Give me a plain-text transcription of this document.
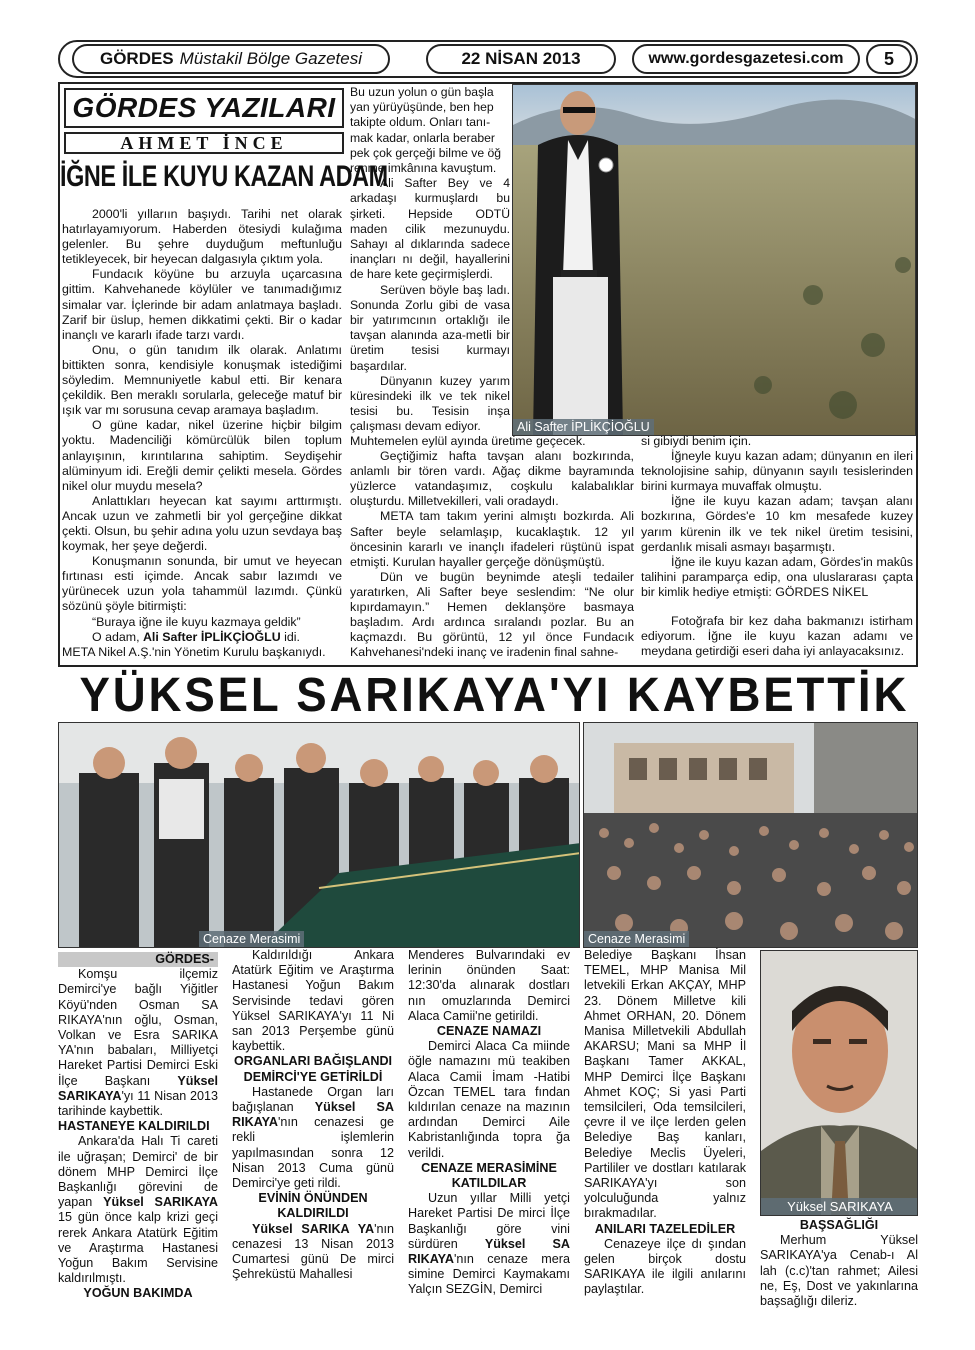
GÖRDES Müstakil Bölge Gazetesi	22 NİSAN 2013	www.gordesgazetesi.com 5
GÖRDES YAZILARI
AHMET İNCE
İĞNE İLE KUYU KAZAN ADAM

2000'li yıllarıın başıydı. Tarihi net olarak hatırlayamıyorum. Haberden ötesiydi kulağıma gelenler. Bu şehre duyduğum meftunluğu tetikleyecek, bir heyecan dalgasıyla çıktım yola.

Fundacık köyüne bu arzuyla uçarcasına gittim. Kahvehanede köylüler ve tanımadığımız simalar var. İçlerinde bir adam anlatmaya başladı. Zarif bir üslup, hemen dikkatimi çekti. Bir o kadar inançlı ve kararlı ifade tarzı vardı.

Onu, o gün tanıdım ilk olarak. Anlatımı bittikten sonra, kendisiyle konuşmak istediğimi söyledim. Memnuniyetle kabul etti. Bir kenara çekildik. Ben meraklı sorularla, geleceğe matuf bir ışık var mı sorusuna cevap aramaya başladım.

O güne kadar, nikel üzerine hiçbir bilgim yoktu. Madenciliği kömürcülük bilen toplum anlayışının, kırıntılarına sahiptim. Seydişehir alüminyum idi. Ereğli demir çelikti mesela. Gördes nikel olur muydu mesela?

Anlattıkları heyecan kat sayımı arttırmıştı. Ancak uzun ve zahmetli bir yol gerçeğine dikkat çekti. Olsun, bu şehir adına yolu uzun sevdaya baş koymak, her şeye değerdi.

Konuşmanın sonunda, bir umut ve heyecan fırtınası esti içimde. Ancak sabır lazımdı ve yürünecek uzun yola tahammül lazımdı. Çünkü sözünü şöyle bitirmişti:

“Buraya iğne ile kuyu kazmaya geldik”

O adam, Ali Safter İPLİKÇİOĞLU idi.

META Nikel A.Ş.'nin Yönetim Kurulu başkanıydı.

Bu uzun yolun o gün başla

yan yürüyüşünde, ben hep

takipte oldum. Onları tanı-

mak kadar, onlarla beraber

pek çok gerçeği bilme ve öğ

renme imkânına kavuştum.

Ali Safter Bey ve 4 arkadaşı kurmuşlardı bu şirketi. Hepside ODTÜ maden cilik mezunuydu. Sahayı al dıklarında sadece inançları nı değil, hayallerini de hare kete geçirmişlerdi.

Serüven böyle baş ladı. Sonunda Zorlu gibi de vasa bir yatırımcının ortaklığı ile tavşan alanında aza-metli bir üretim tesisi kurmayı başardılar.

Dünyanın kuzey yarım küresindeki ilk ve tek nikel tesisi bu. Tesisin inşa çalışması devam ediyor.	Ali Safter İPLİKÇİOĞLU

Muhtemelen eylül ayında üretime geçecek.

Geçtiğimiz hafta tavşan alanı bozkırında, anlamlı bir tören vardı. Ağaç dikme bayramında yüzlerce vatandaşımız, coşkulu kalabalıklar oluşturdu. Milletvekilleri, vali oradaydı.

META tam takım yerini almıştı bozkırda. Ali Safter beyle selamlaşıp, kucaklaştık. 12 yıl öncesinin kararlı ve inançlı ifadeleri rüştünü ispat etmişti. Kurulan hayaller gerçeğe dönüşmüştü.

Dün ve bugün beynimde ateşli tedailer yaratırken, Ali Safter beye seslendim: “Ne olur kıpırdamayın.” Hemen deklanşöre basmaya başladım. Ardı ardınca sıralandı pozlar. Bu an kaçmazdı. Bu görüntü, 12 yıl önce Fundacık Kahvehanesi'ndeki inanç ve iradenin final sahne-

si gibiydi benim için.

İğneyle kuyu kazan adam; dünyanın en ileri teknolojisine sahip, dünyanın sayılı tesislerinden birini kurmaya muvaffak olmuştu.

İğne ile kuyu kazan adam; tavşan alanı bozkırına, Gördes'e 10 km mesafede kuzey yarım kürenin ilk ve tek nikel üretim tesisini, gerdanlık misali asmayı başarmıştı.

İğne ile kuyu kazan adam, Gördes'in makûs talihini paramparça edip, ona uluslararası çapta bir kimlik hediye etmişti: GÖRDES NİKEL

Fotoğrafa bir kez daha bakmanızı istirham ediyorum. İğne ile kuyu kazan adamı ve meydana getirdiği eseri daha iyi anlayacaksınız.

YÜKSEL SARIKAYA'YI KAYBETTİK
Cenaze Merasimi	Cenaze Merasimi
GÖRDES-

Komşu ilçemiz Demirci'ye bağlı Yiğitler Köyü'nden Osman SA RIKAYA'nın oğlu, Osman, Volkan ve Esra SARIKA YA'nın babaları, Milliyetçi Hareket Partisi Demirci Eski İlçe Başkanı Yüksel SARIKAYA'yı 11 Nisan 2013 tarihinde kaybettik.

HASTANEYE KALDIRILDI

Ankara'da Halı Ti careti ile uğraşan; Demirci' de bir dönem MHP Demirci İlçe Başkanlığı görevini de yapan Yüksel SARIKAYA 15 gün önce kalp krizi geçi rerek Ankara Atatürk Eğitim ve Araştırma Hastanesi Yoğun Bakım Servisine kaldırılmıştı.

YOĞUN BAKIMDA

Kaldırıldığı Ankara Atatürk Eğitim ve Araştırma Hastanesi Yoğun Bakım Servisinde tedavi gören Yüksel SARIKAYA'yı 11 Ni san 2013 Perşembe günü kaybettik.

ORGANLARI BAĞIŞLANDI DEMİRCİ'YE GETİRİLDİ

Hastanede Organ ları bağışlanan Yüksel SA RIKAYA'nın cenazesi ge rekli işlemlerin yapılmasından sonra 12 Nisan 2013 Cuma günü Demirci'ye geti rildi.

EVİNİN ÖNÜNDEN KALDIRILDI

Yüksel SARIKA YA'nın cenazesi 13 Nisan 2013 Cumartesi günü De mirci Şehreküstü Mahallesi

Menderes Bulvarındaki ev lerinin önünden Saat: 12:30'da alınarak dostları nın omuzlarında Demirci Alaca Camii'ne getirildi.

CENAZE NAMAZI

Demirci Alaca Ca miinde öğle namazını mü teakiben Alaca Camii İmam -Hatibi Özcan TEMEL tara fından kıldırılan cenaze na mazının ardından Demirci Aile Kabristanlığında topra ğa verildi.

CENAZE MERASİMİNE KATILDILAR

Uzun yıllar Milli yetçi Hareket Partisi De mirci İlçe Başkanlığı göre vini sürdüren Yüksel SA RIKAYA'nın cenaze mera simine Demirci Kaymakamı Yalçın SEZGİN, Demirci

Belediye Başkanı İhsan TEMEL, MHP Manisa Mil letvekili Erkan AKÇAY, MHP 23. Dönem Milletve kili Ahmet ORHAN, 20. Dönem Manisa Milletvekili Abdullah AKARSU; Mani sa MHP İl Başkanı Tamer AKKAL, MHP Demirci İlçe Başkanı Ahmet KOÇ; Si yasi Parti temsilcileri, Oda temsilcileri, çevre il ve ilçe lerden gelen Belediye Baş kanları, Belediye Meclis Üyeleri, Partililer ve dostları katılarak SARIKAYA'yı son yolculuğunda yalnız bırakmadılar.

ANILARI TAZELEDİLER

Cenazeye ilçe dı şından gelen birçok dostu SARIKAYA ile ilgili anılarını paylaştılar.

Yüksel SARIKAYA

BAŞSAĞLIĞI

Merhum Yüksel SARIKAYA'ya Cenab-ı Al lah (c.c)'tan rahmet; Ailesi ne, Eş, Dost ve yakınlarına başsağlığı dileriz.
